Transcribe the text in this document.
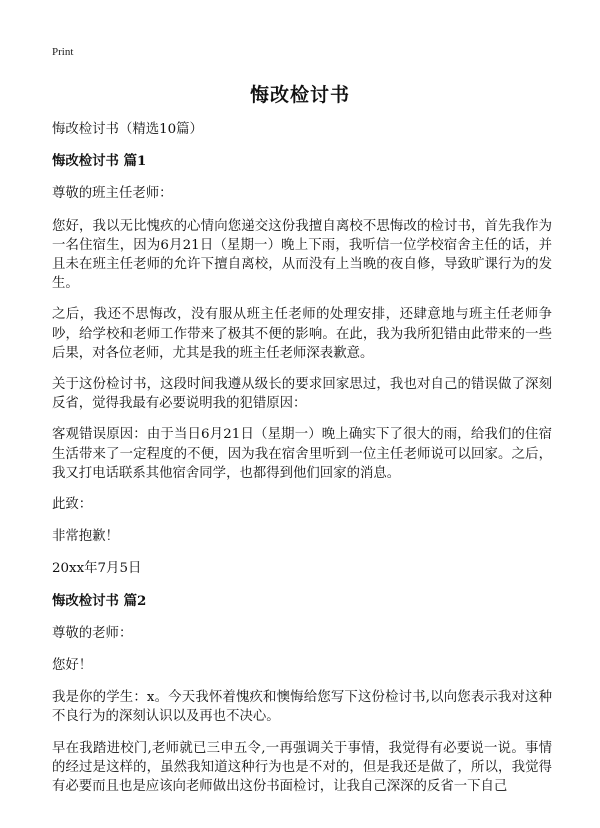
Print
悔改检讨书

悔改检讨书（精选10篇）

悔改检讨书 篇1

尊敬的班主任老师：

您好，我以无比愧疚的心情向您递交这份我擅自离校不思悔改的检讨书，首先我作为一名住宿生，因为6月21日（星期一）晚上下雨，我听信一位学校宿舍主任的话，并且未在班主任老师的允许下擅自离校，从而没有上当晚的夜自修，导致旷课行为的发生。

之后，我还不思悔改，没有服从班主任老师的处理安排，还肆意地与班主任老师争吵，给学校和老师工作带来了极其不便的影响。在此，我为我所犯错由此带来的一些后果，对各位老师，尤其是我的班主任老师深表歉意。

关于这份检讨书，这段时间我遵从级长的要求回家思过，我也对自己的错误做了深刻反省，觉得我最有必要说明我的犯错原因：

客观错误原因：由于当日6月21日（星期一）晚上确实下了很大的雨，给我们的住宿生活带来了一定程度的不便，因为我在宿舍里听到一位主任老师说可以回家。之后，我又打电话联系其他宿舍同学，也都得到他们回家的消息。

此致：

非常抱歉！

20xx年7月5日

悔改检讨书 篇2

尊敬的老师：

您好！

我是你的学生：x。今天我怀着愧疚和懊悔给您写下这份检讨书,以向您表示我对这种不良行为的深刻认识以及再也不决心。

早在我踏进校门,老师就已三申五令,一再强调关于事情，我觉得有必要说一说。事情的经过是这样的，虽然我知道这种行为也是不对的，但是我还是做了，所以，我觉得有必要而且也是应该向老师做出这份书面检讨，让我自己深深的反省一下自己
